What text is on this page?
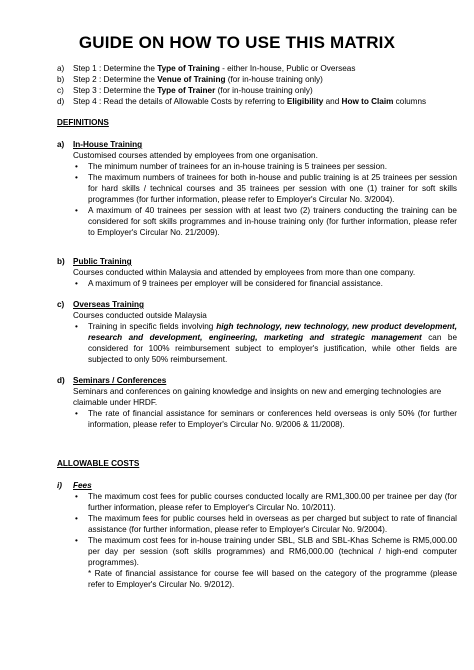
GUIDE ON HOW TO USE THIS MATRIX
a)	Step 1 : Determine the Type of Training - either In-house, Public or Overseas
b)	Step 2 : Determine the Venue of Training (for in-house training only)
c)	Step 3 : Determine the Type of Trainer (for in-house training only)
d)	Step 4 : Read the details of Allowable Costs by referring to Eligibility and How to Claim columns
DEFINITIONS
a)	In-House Training
Customised courses attended by employees from one organisation.
• The minimum number of trainees for an in-house training is 5 trainees per session.
• The maximum numbers of trainees for both in-house and public training is at 25 trainees per session for hard skills / technical courses and 35 trainees per session with one (1) trainer for soft skills programmes (for further information, please refer to Employer's Circular No. 3/2004).
• A maximum of 40 trainees per session with at least two (2) trainers conducting the training can be considered for soft skills programmes and in-house training only (for further information, please refer to Employer's Circular No. 21/2009).
b)	Public Training
Courses conducted within Malaysia and attended by employees from more than one company.
• A maximum of 9 trainees per employer will be considered for financial assistance.
c)	Overseas Training
Courses conducted outside Malaysia
• Training in specific fields involving high technology, new technology, new product development, research and development, engineering, marketing and strategic management can be considered for 100% reimbursement subject to employer's justification, while other fields are subjected to only 50% reimbursement.
d)	Seminars / Conferences
Seminars and conferences on gaining knowledge and insights on new and emerging technologies are claimable under HRDF.
• The rate of financial assistance for seminars or conferences held overseas is only 50% (for further information, please refer to Employer's Circular No. 9/2006 & 11/2008).
ALLOWABLE COSTS
i)	Fees
• The maximum cost fees for public courses conducted locally are RM1,300.00 per trainee per day (for further information, please refer to Employer's Circular No. 10/2011).
• The maximum fees for public courses held in overseas as per charged but subject to rate of financial assistance (for further information, please refer to Employer's Circular No. 9/2004).
• The maximum cost fees for in-house training under SBL, SLB and SBL-Khas Scheme is RM5,000.00 per day per session (soft skills programmes) and RM6,000.00 (technical / high-end computer programmes).
* Rate of financial assistance for course fee will based on the category of the programme (please refer to Employer's Circular No. 9/2012).
